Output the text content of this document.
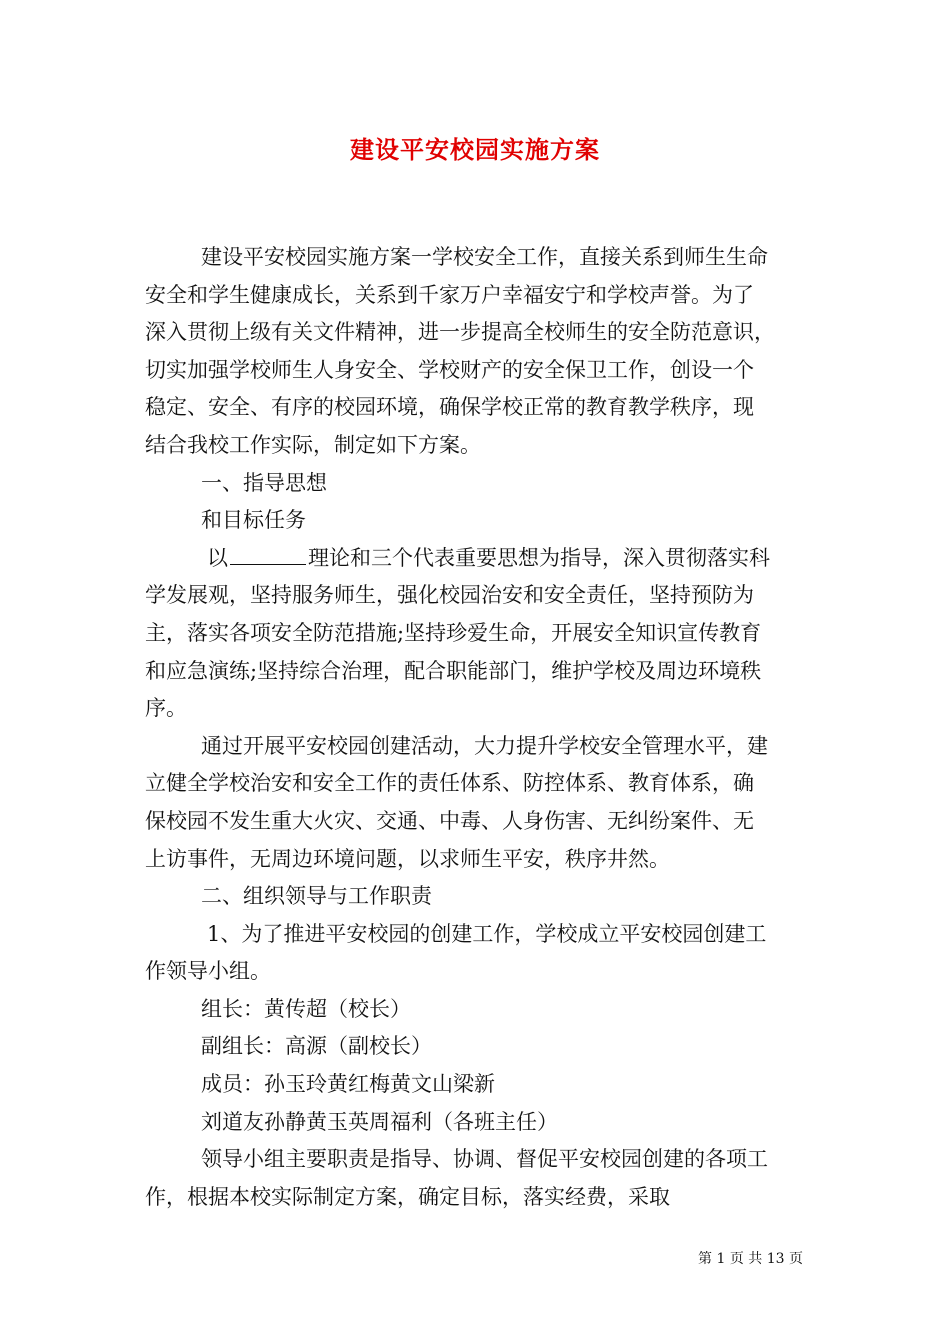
建设平安校园实施方案
建设平安校园实施方案一学校安全工作，直接关系到师生生命
安全和学生健康成长，关系到千家万户幸福安宁和学校声誉。为了
深入贯彻上级有关文件精神，进一步提高全校师生的安全防范意识，
切实加强学校师生人身安全、学校财产的安全保卫工作，创设一个
稳定、安全、有序的校园环境，确保学校正常的教育教学秩序，现
结合我校工作实际，制定如下方案。
一、指导思想
和目标任务
以	理论和三个代表重要思想为指导，深入贯彻落实科
学发展观，坚持服务师生，强化校园治安和安全责任，坚持预防为
主，落实各项安全防范措施;坚持珍爱生命，开展安全知识宣传教育
和应急演练;坚持综合治理，配合职能部门，维护学校及周边环境秩
序。
通过开展平安校园创建活动，大力提升学校安全管理水平，建
立健全学校治安和安全工作的责任体系、防控体系、教育体系，确
保校园不发生重大火灾、交通、中毒、人身伤害、无纠纷案件、无
上访事件，无周边环境问题，以求师生平安，秩序井然。
二、组织领导与工作职责
1、为了推进平安校园的创建工作，学校成立平安校园创建工
作领导小组。
组长：黄传超（校长）
副组长：高源（副校长）
成员：孙玉玲黄红梅黄文山梁新
刘道友孙静黄玉英周福利（各班主任）
领导小组主要职责是指导、协调、督促平安校园创建的各项工
作，根据本校实际制定方案，确定目标，落实经费，采取
第 1 页 共 13 页
